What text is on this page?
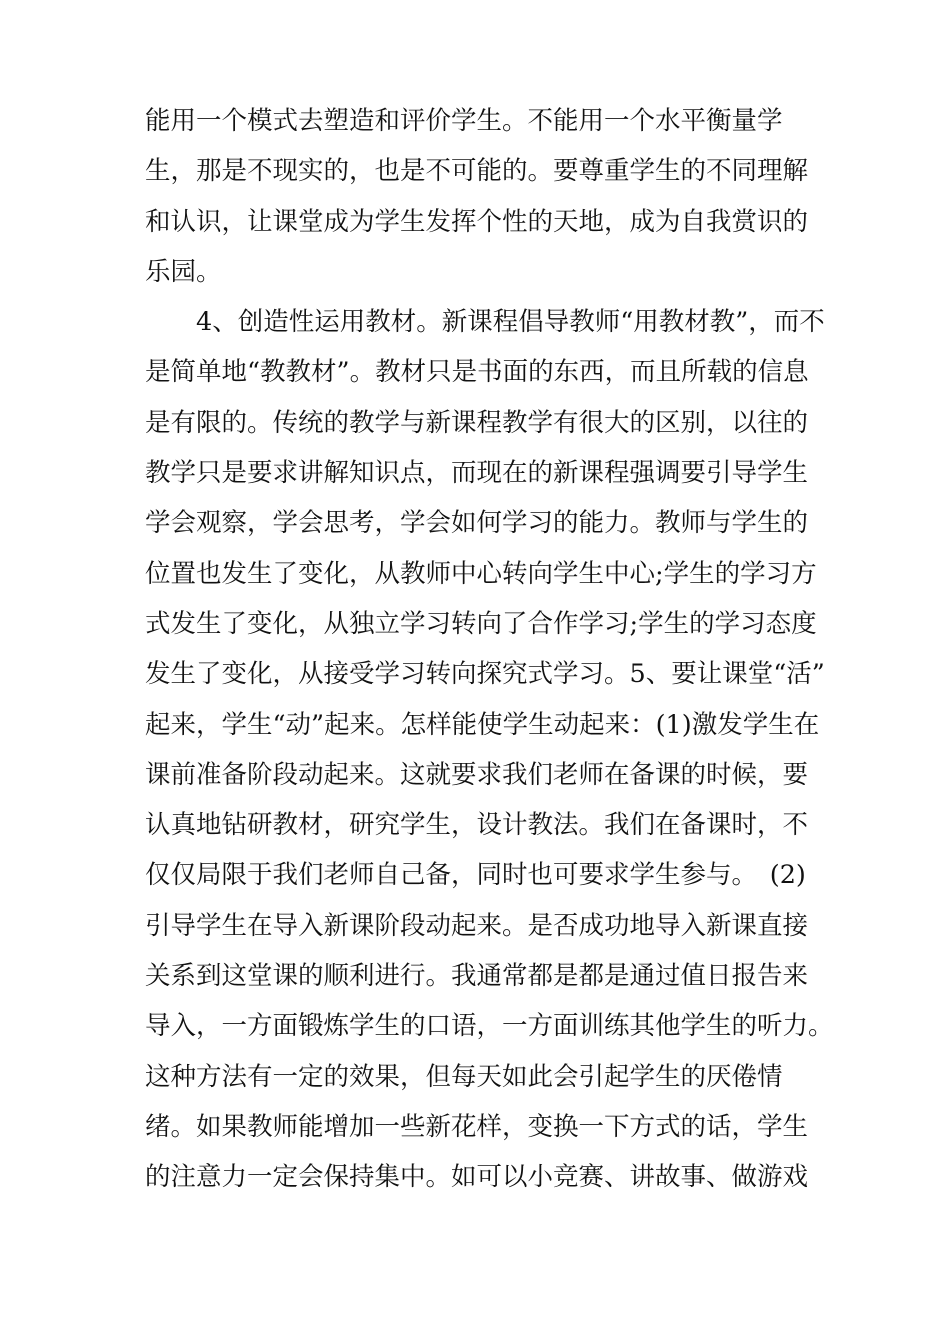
能用一个模式去塑造和评价学生。不能用一个水平衡量学
生，那是不现实的，也是不可能的。要尊重学生的不同理解
和认识，让课堂成为学生发挥个性的天地，成为自我赏识的
乐园。
　　4、创造性运用教材。新课程倡导教师“用教材教”，而不
是简单地“教教材”。教材只是书面的东西，而且所载的信息
是有限的。传统的教学与新课程教学有很大的区别，以往的
教学只是要求讲解知识点，而现在的新课程强调要引导学生
学会观察，学会思考，学会如何学习的能力。教师与学生的
位置也发生了变化，从教师中心转向学生中心;学生的学习方
式发生了变化，从独立学习转向了合作学习;学生的学习态度
发生了变化，从接受学习转向探究式学习。5、要让课堂“活”
起来，学生“动”起来。怎样能使学生动起来：(1)激发学生在
课前准备阶段动起来。这就要求我们老师在备课的时候，要
认真地钻研教材，研究学生，设计教法。我们在备课时，不
仅仅局限于我们老师自己备，同时也可要求学生参与。　(2)
引导学生在导入新课阶段动起来。是否成功地导入新课直接
关系到这堂课的顺利进行。我通常都是都是通过值日报告来
导入，一方面锻炼学生的口语，一方面训练其他学生的听力。
这种方法有一定的效果，但每天如此会引起学生的厌倦情
绪。如果教师能增加一些新花样，变换一下方式的话，学生
的注意力一定会保持集中。如可以小竞赛、讲故事、做游戏
